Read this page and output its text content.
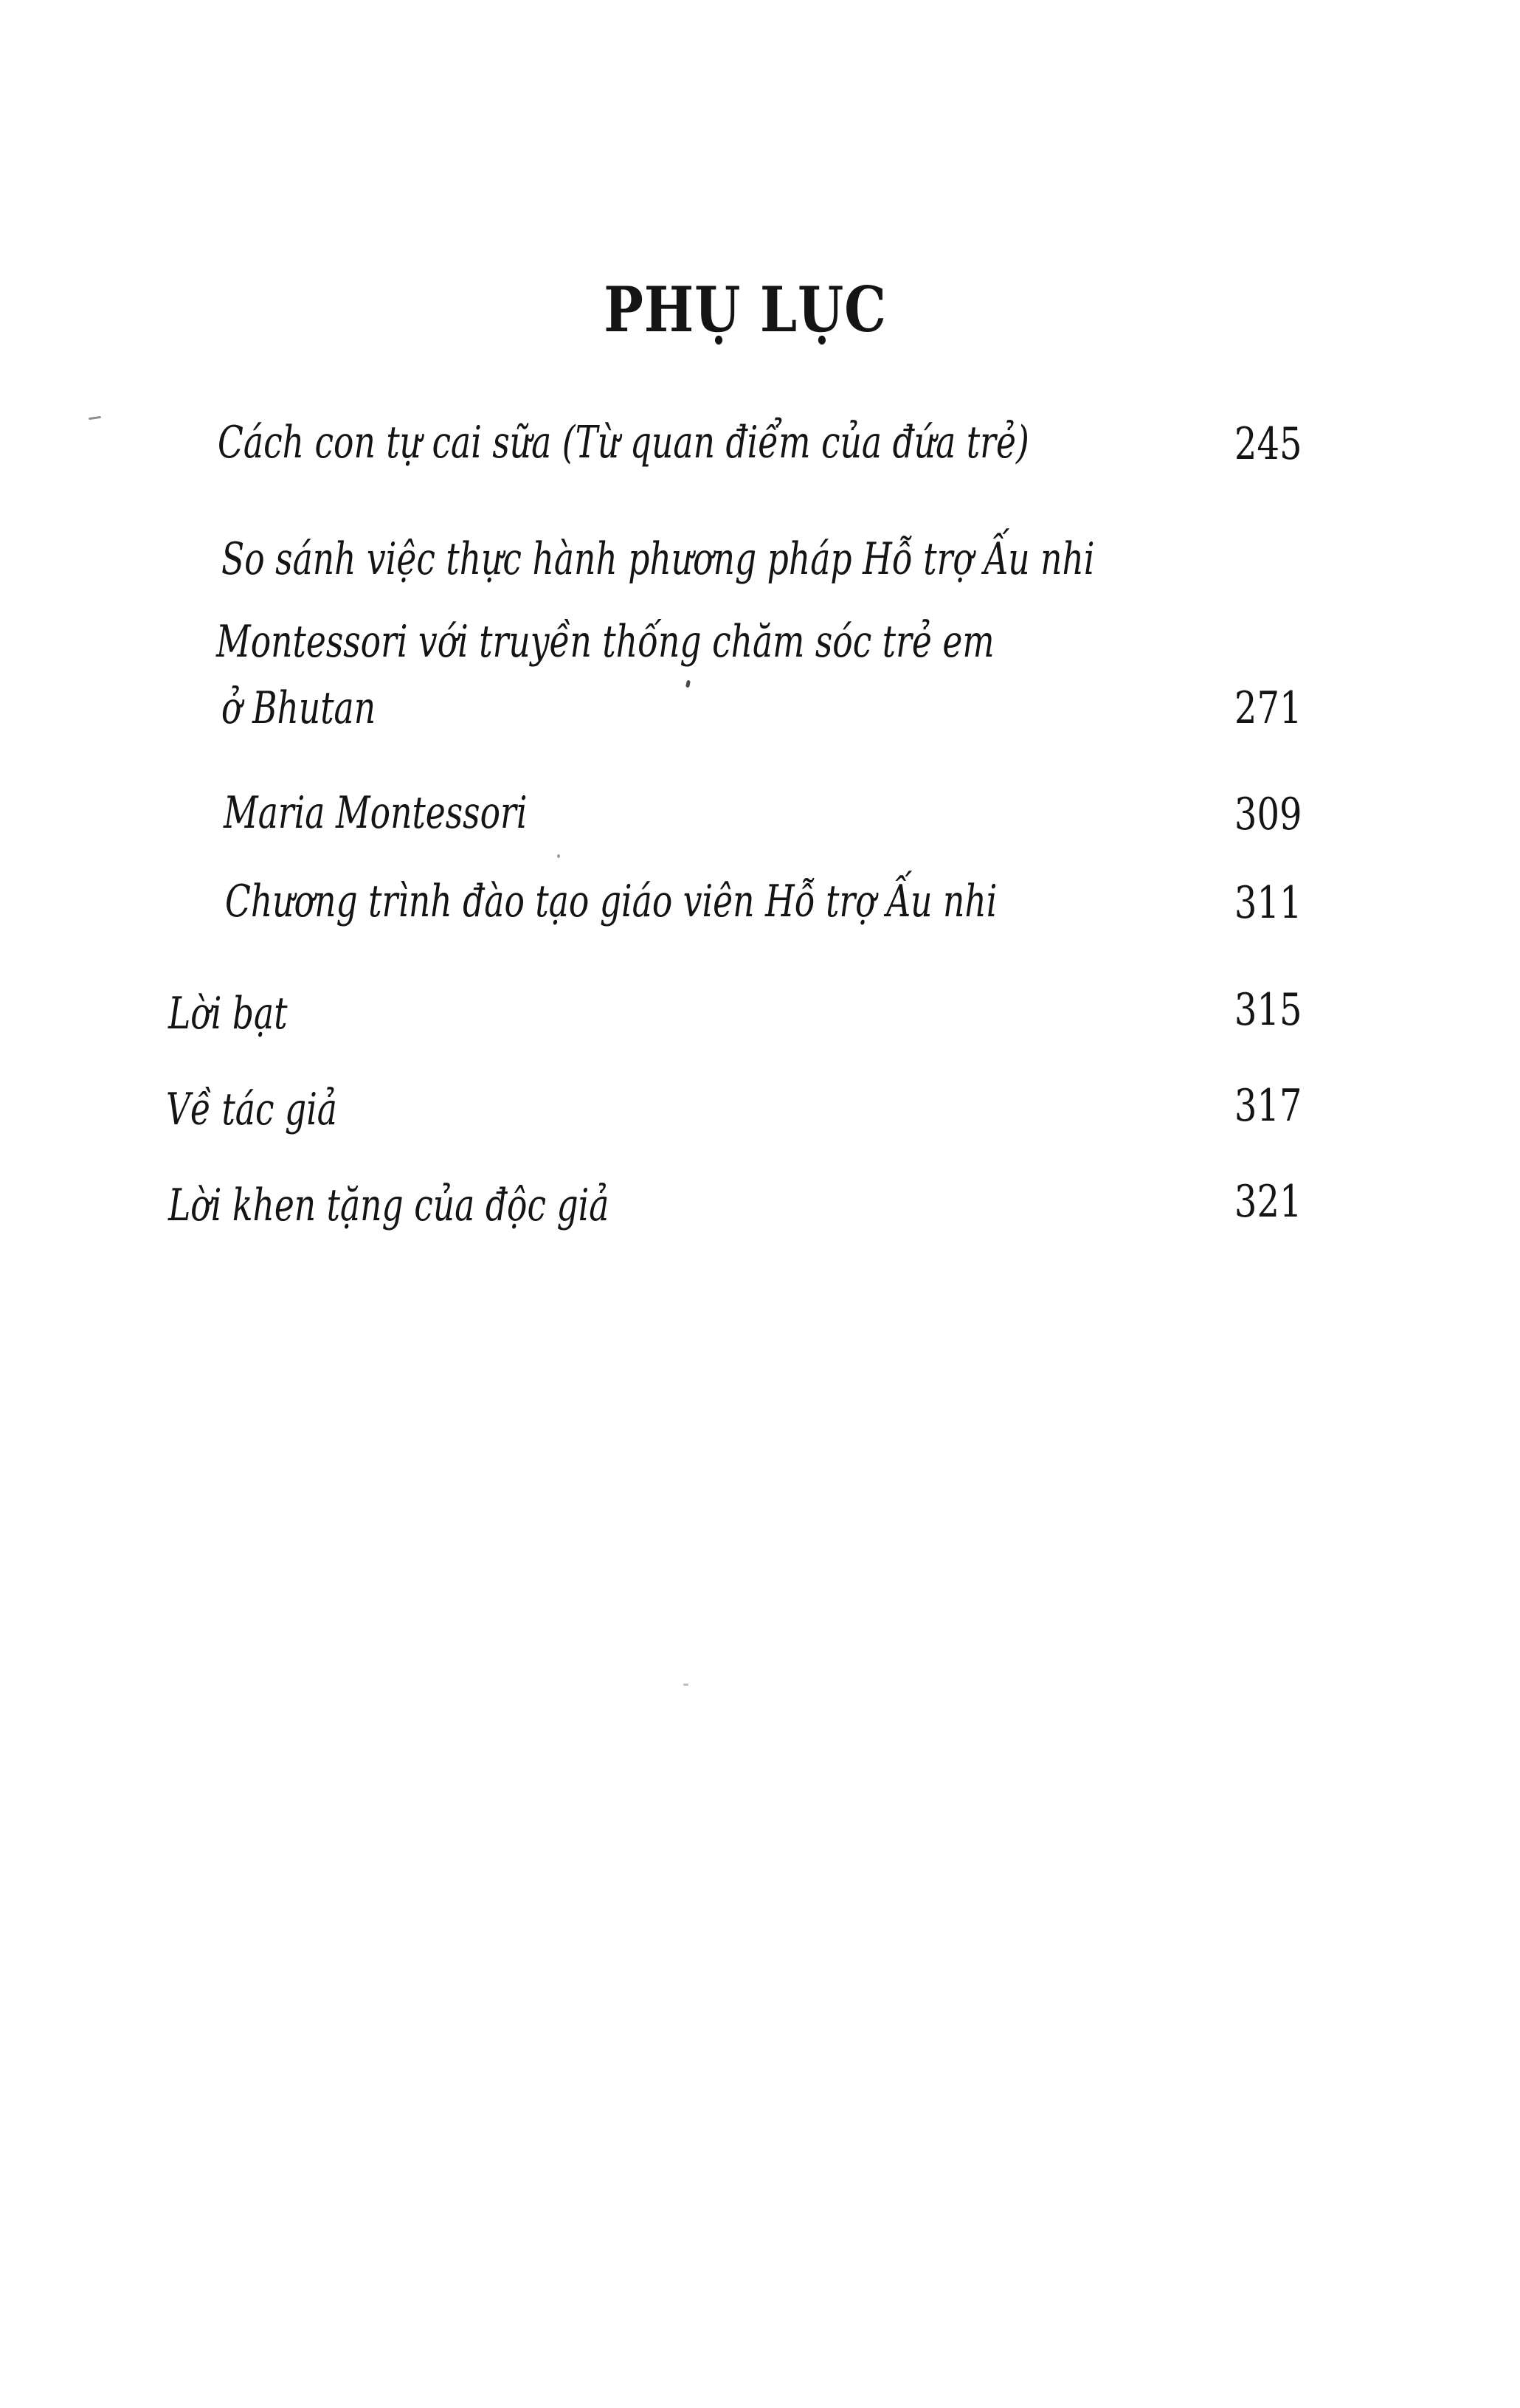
PHỤ LỤC
Cách con tự cai sữa (Từ quan điểm của đứa trẻ)	245
So sánh việc thực hành phương pháp Hỗ trợ Ấu nhi
Montessori với truyền thống chăm sóc trẻ em
ở Bhutan	271
Maria Montessori	309
Chương trình đào tạo giáo viên Hỗ trợ Ấu nhi	311
Lời bạt	315
Về tác giả	317
Lời khen tặng của độc giả	321
